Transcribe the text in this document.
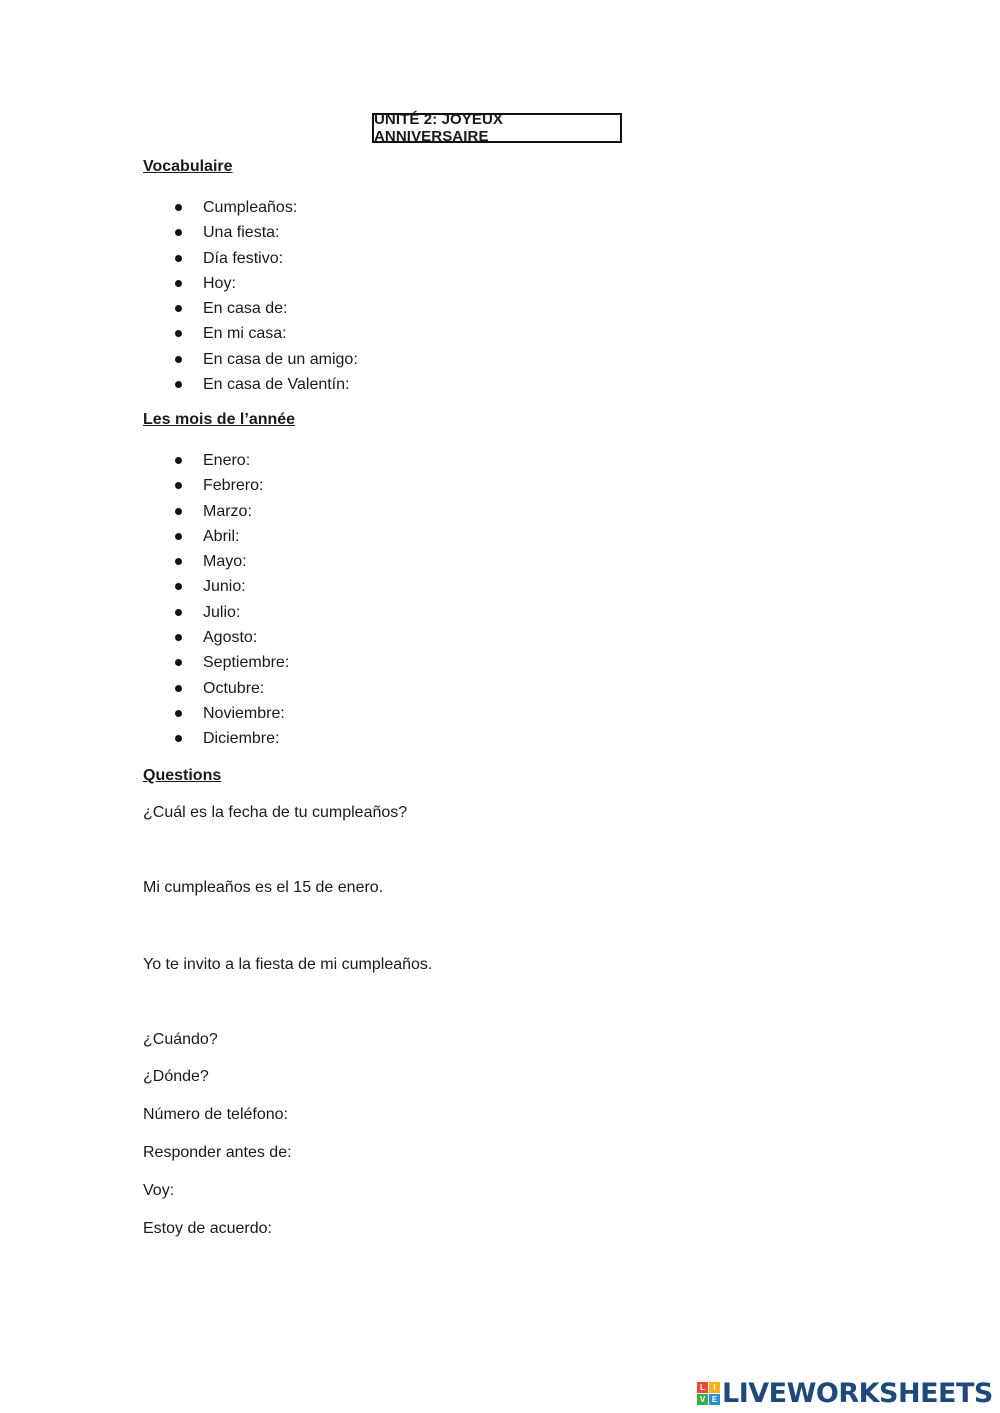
UNITÉ 2: JOYEUX ANNIVERSAIRE
Vocabulaire
Cumpleaños:
Una fiesta:
Día festivo:
Hoy:
En casa de:
En mi casa:
En casa de un amigo:
En casa de Valentín:
Les mois de l’année
Enero:
Febrero:
Marzo:
Abril:
Mayo:
Junio:
Julio:
Agosto:
Septiembre:
Octubre:
Noviembre:
Diciembre:
Questions
¿Cuál es la fecha de tu cumpleaños?
Mi cumpleaños es el 15 de enero.
Yo te invito a la fiesta de mi cumpleaños.
¿Cuándo?
¿Dónde?
Número de teléfono:
Responder antes de:
Voy:
Estoy de acuerdo:
L	I
V E LIVEWORKSHEETS
